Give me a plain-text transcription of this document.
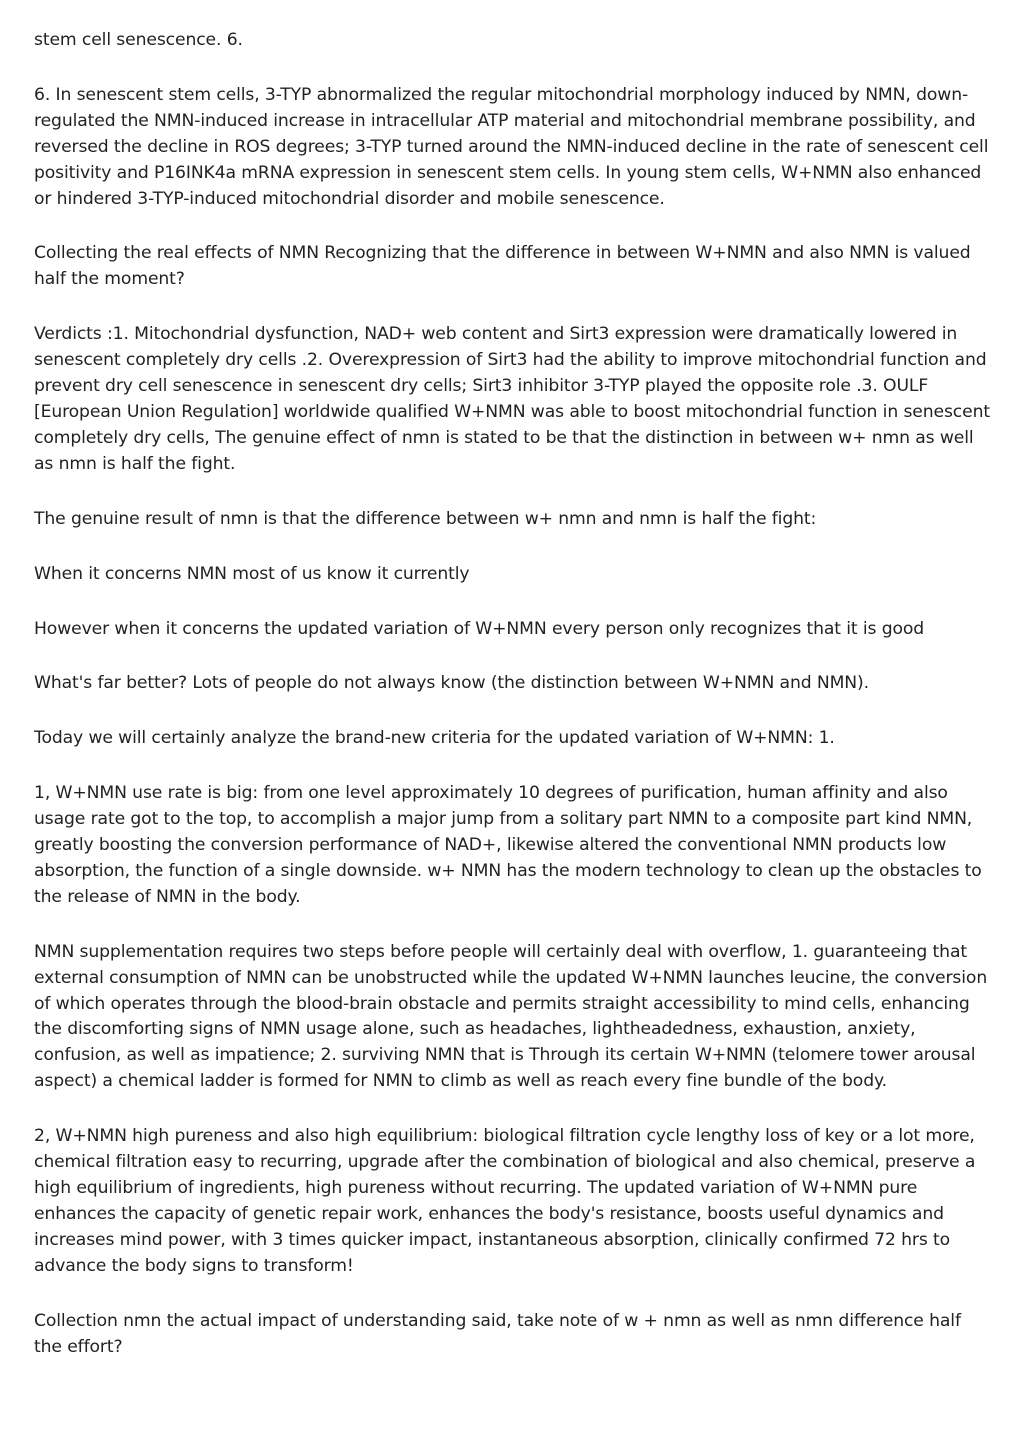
stem cell senescence. 6.

6. In senescent stem cells, 3-TYP abnormalized the regular mitochondrial morphology induced by NMN, down-regulated the NMN-induced increase in intracellular ATP material and mitochondrial membrane possibility, and reversed the decline in ROS degrees; 3-TYP turned around the NMN-induced decline in the rate of senescent cell positivity and P16INK4a mRNA expression in senescent stem cells. In young stem cells, W+NMN also enhanced or hindered 3-TYP-induced mitochondrial disorder and mobile senescence.

Collecting the real effects of NMN Recognizing that the difference in between W+NMN and also NMN is valued half the moment?

Verdicts :1. Mitochondrial dysfunction, NAD+ web content and Sirt3 expression were dramatically lowered in senescent completely dry cells .2. Overexpression of Sirt3 had the ability to improve mitochondrial function and prevent dry cell senescence in senescent dry cells; Sirt3 inhibitor 3-TYP played the opposite role .3. OULF [European Union Regulation] worldwide qualified W+NMN was able to boost mitochondrial function in senescent completely dry cells, The genuine effect of nmn is stated to be that the distinction in between w+ nmn as well as nmn is half the fight.

The genuine result of nmn is that the difference between w+ nmn and nmn is half the fight:

When it concerns NMN most of us know it currently

However when it concerns the updated variation of W+NMN every person only recognizes that it is good

What's far better? Lots of people do not always know (the distinction between W+NMN and NMN).

Today we will certainly analyze the brand-new criteria for the updated variation of W+NMN: 1.

1, W+NMN use rate is big: from one level approximately 10 degrees of purification, human affinity and also usage rate got to the top, to accomplish a major jump from a solitary part NMN to a composite part kind NMN, greatly boosting the conversion performance of NAD+, likewise altered the conventional NMN products low absorption, the function of a single downside. w+ NMN has the modern technology to clean up the obstacles to the release of NMN in the body.

NMN supplementation requires two steps before people will certainly deal with overflow, 1. guaranteeing that external consumption of NMN can be unobstructed while the updated W+NMN launches leucine, the conversion of which operates through the blood-brain obstacle and permits straight accessibility to mind cells, enhancing the discomforting signs of NMN usage alone, such as headaches, lightheadedness, exhaustion, anxiety, confusion, as well as impatience; 2. surviving NMN that is Through its certain W+NMN (telomere tower arousal aspect) a chemical ladder is formed for NMN to climb as well as reach every fine bundle of the body.

2, W+NMN high pureness and also high equilibrium: biological filtration cycle lengthy loss of key or a lot more, chemical filtration easy to recurring, upgrade after the combination of biological and also chemical, preserve a high equilibrium of ingredients, high pureness without recurring. The updated variation of W+NMN pure enhances the capacity of genetic repair work, enhances the body's resistance, boosts useful dynamics and increases mind power, with 3 times quicker impact, instantaneous absorption, clinically confirmed 72 hrs to advance the body signs to transform!

Collection nmn the actual impact of understanding said, take note of w + nmn as well as nmn difference half the effort?
